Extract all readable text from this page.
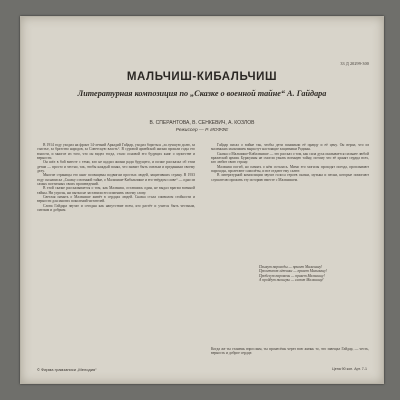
33 Д 20299-300
МАЛЬЧИШ-КИБАЛЬЧИШ
Литературная композиция по „Сказке о военной тайне“ А. Гайдара
В. СПЕРАНТОВА, В. СЕНКЕВИЧ, А. КОЗЛОВ
Режиссер — Р. ИОФФЕ

В 1914 году уходил на фронт 14-летний Аркадий Гайдар, уходил бороться „за лучшую долю, за счастье, за братство народов, за Советскую власть“. В суровой армейской жизни прошли годы его юности, и многое из того, что он видел тогда, стало основой его будущих книг о мужестве и верности.

Он шёл в бой вместе с теми, кто не щадил жизни ради будущего, и позже рассказал об этом детям — просто и честно, так, чтобы каждый понял, что значит быть смелым и преданным своему делу.

Многие страницы его книг посвящены подвигам простых людей, защитивших страну. В 1933 году он написал „Сказку о военной тайне, о Мальчише-Кибальчише и его твёрдом слове“ — одно из самых поэтичных своих произведений.

В этой сказке рассказывается о том, как Мальчиш, оставшись один, не выдал врагам военной тайны. Ни угрозы, ни пытки не заставили его изменить своему слову.

Светлая память о Мальчише живёт в сердцах людей. Сказка стала символом стойкости и верности для многих поколений читателей.

Слова Гайдара звучат и сегодня как напутствие всем, кто растёт и учится быть честным, смелым и добрым.

Гайдар писал о войне так, чтобы дети понимали её правду и её цену. Он верил, что из маленьких мальчишек вырастут настоящие защитники Родины.

Сказка о Мальчише-Кибальчише — это рассказ о том, как сила духа оказывается сильнее любой вражеской армии. Буржуины не смогли узнать военную тайну, потому что её хранят сердца всех, кто любит свою страну.

Мальчиш погиб, но память о нём осталась. Мимо его могилы проходят поезда, проплывают пароходы, пролетают самолёты, и все отдают ему салют.

В литературной композиции звучат голоса героев сказки, музыка и песни, которые помогают слушателю прожить эту историю вместе с Мальчишем.

Плывут пароходы — привет Мальчишу!
Пролетают лётчики — привет Мальчишу!
Пробегут паровозы — привет Мальчишу!
А пройдут пионеры — салют Мальчишу!
Когда же ты станешь взрослым, ты пронесёшь через всю жизнь то, что завещал Гайдар, — честь, верность и доброе сердце.
© Фирма грамзаписи „Мелодия“	Цена 90 коп. Арт. 7-1
